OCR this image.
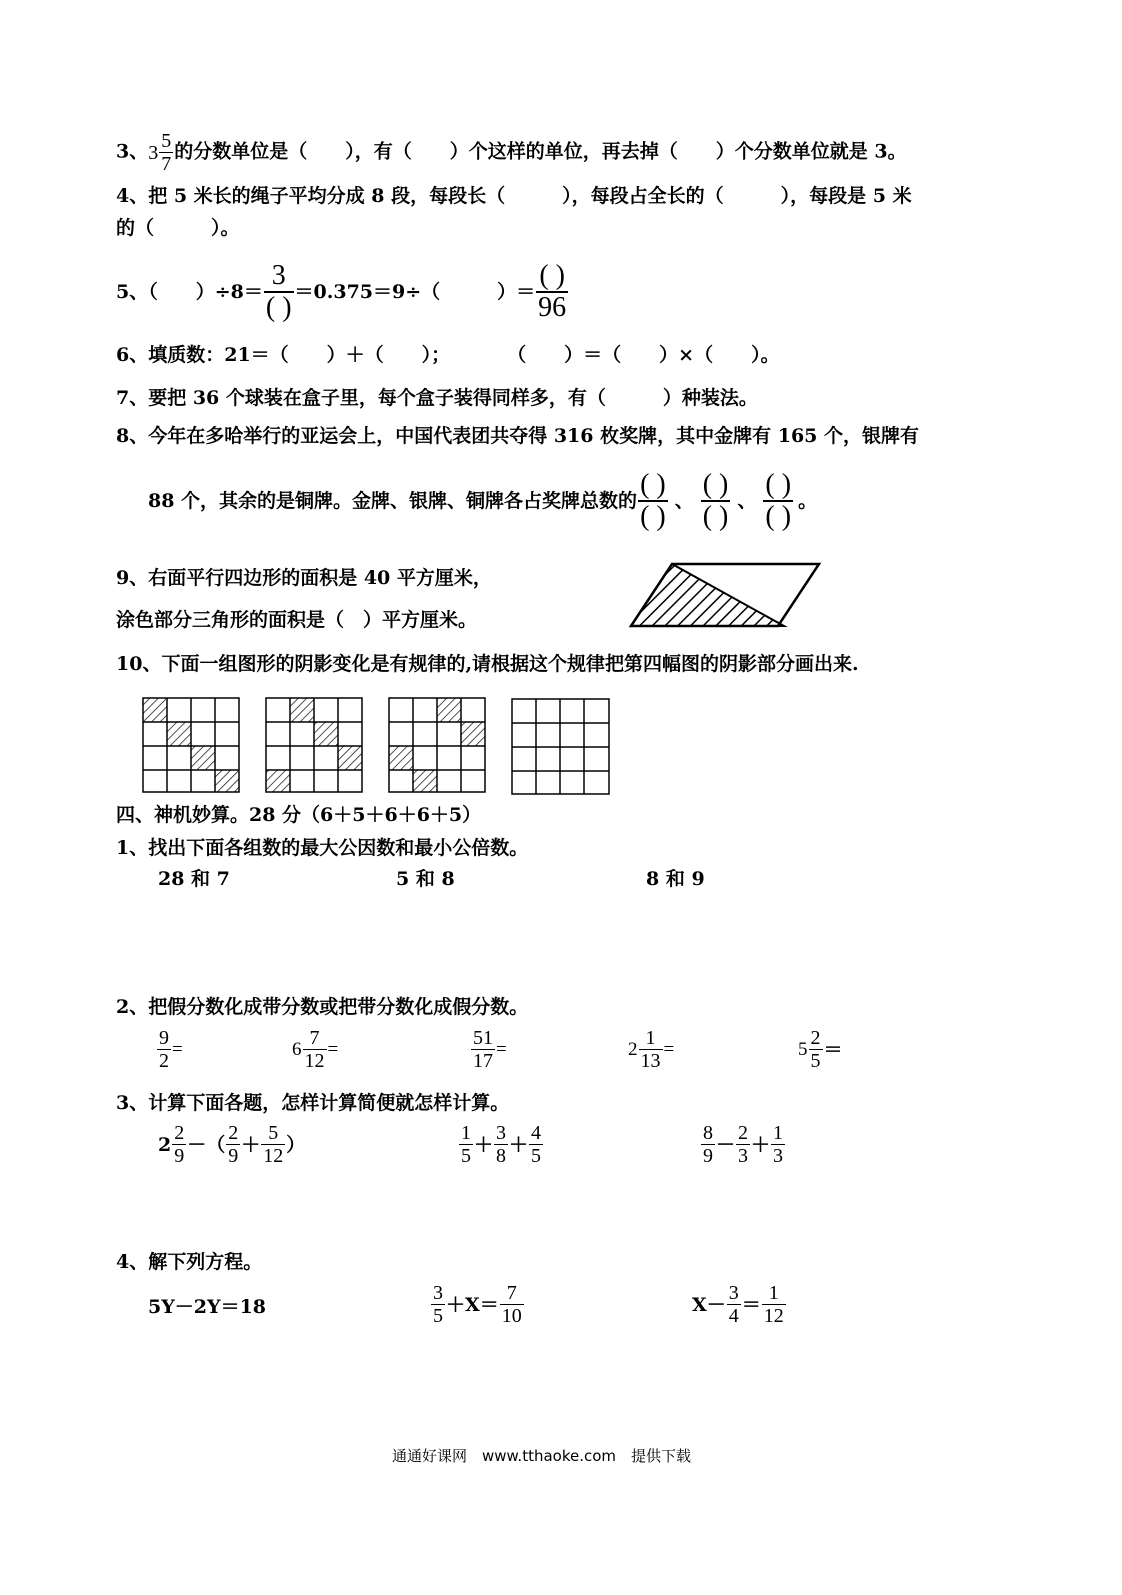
3、 $3 \frac{5}{7}$ 的分数单位是（　　），有（　　）个这样的单位，再去掉（　　）个分数单位就是 3。
4、把 5 米长的绳子平均分成 8 段，每段长（　　　），每段占全长的（　　　），每段是 5 米
的（　　　）。
5、（　　）$\div 8= \frac{3}{( )} =0.375=9\div$（　　　）＝ $\frac{( )}{96}$
6、填质数：21＝（　　）＋（　　）；　　　　（　　）＝（　　）×（　　）。
7、要把 36 个球装在盒子里，每个盒子装得同样多，有（　　　）种装法。
8、今年在多哈举行的亚运会上，中国代表团共夺得 316 枚奖牌，其中金牌有 165 个，银牌有
88 个，其余的是铜牌。金牌、银牌、铜牌各占奖牌总数的 $\frac{( )}{( )}$ 、 $\frac{( )}{( )}$ 、 $\frac{( )}{( )}$ 。
9、右面平行四边形的面积是 40 平方厘米，
涂色部分三角形的面积是（　）平方厘米。
10、下面一组图形的阴影变化是有规律的,请根据这个规律把第四幅图的阴影部分画出来.
四、神机妙算。28 分（6＋5＋6＋6＋5）
1、找出下面各组数的最大公因数和最小公倍数。
28 和 7	5 和 8	8 和 9
2、把假分数化成带分数或把带分数化成假分数。
$\frac{9}{2}$ =	$6 \frac{7}{12}$ =	$\frac{51}{17}$ =	$2 \frac{1}{13}$ =	$5 \frac{2}{5}$ ＝
3、计算下面各题，怎样计算简便就怎样计算。
$2 \frac{2}{9}$ －（ $\frac{2}{9} + \frac{5}{12}$ ）	$\frac{1}{5} + \frac{3}{8} + \frac{4}{5}$	$\frac{8}{9} - \frac{2}{3} + \frac{1}{3}$
4、解下列方程。
5Y－2Y＝18	$\frac{3}{5} +X= \frac{7}{10}$	$X- \frac{3}{4} = \frac{1}{12}$
通通好课网　www.tthaoke.com　提供下载
